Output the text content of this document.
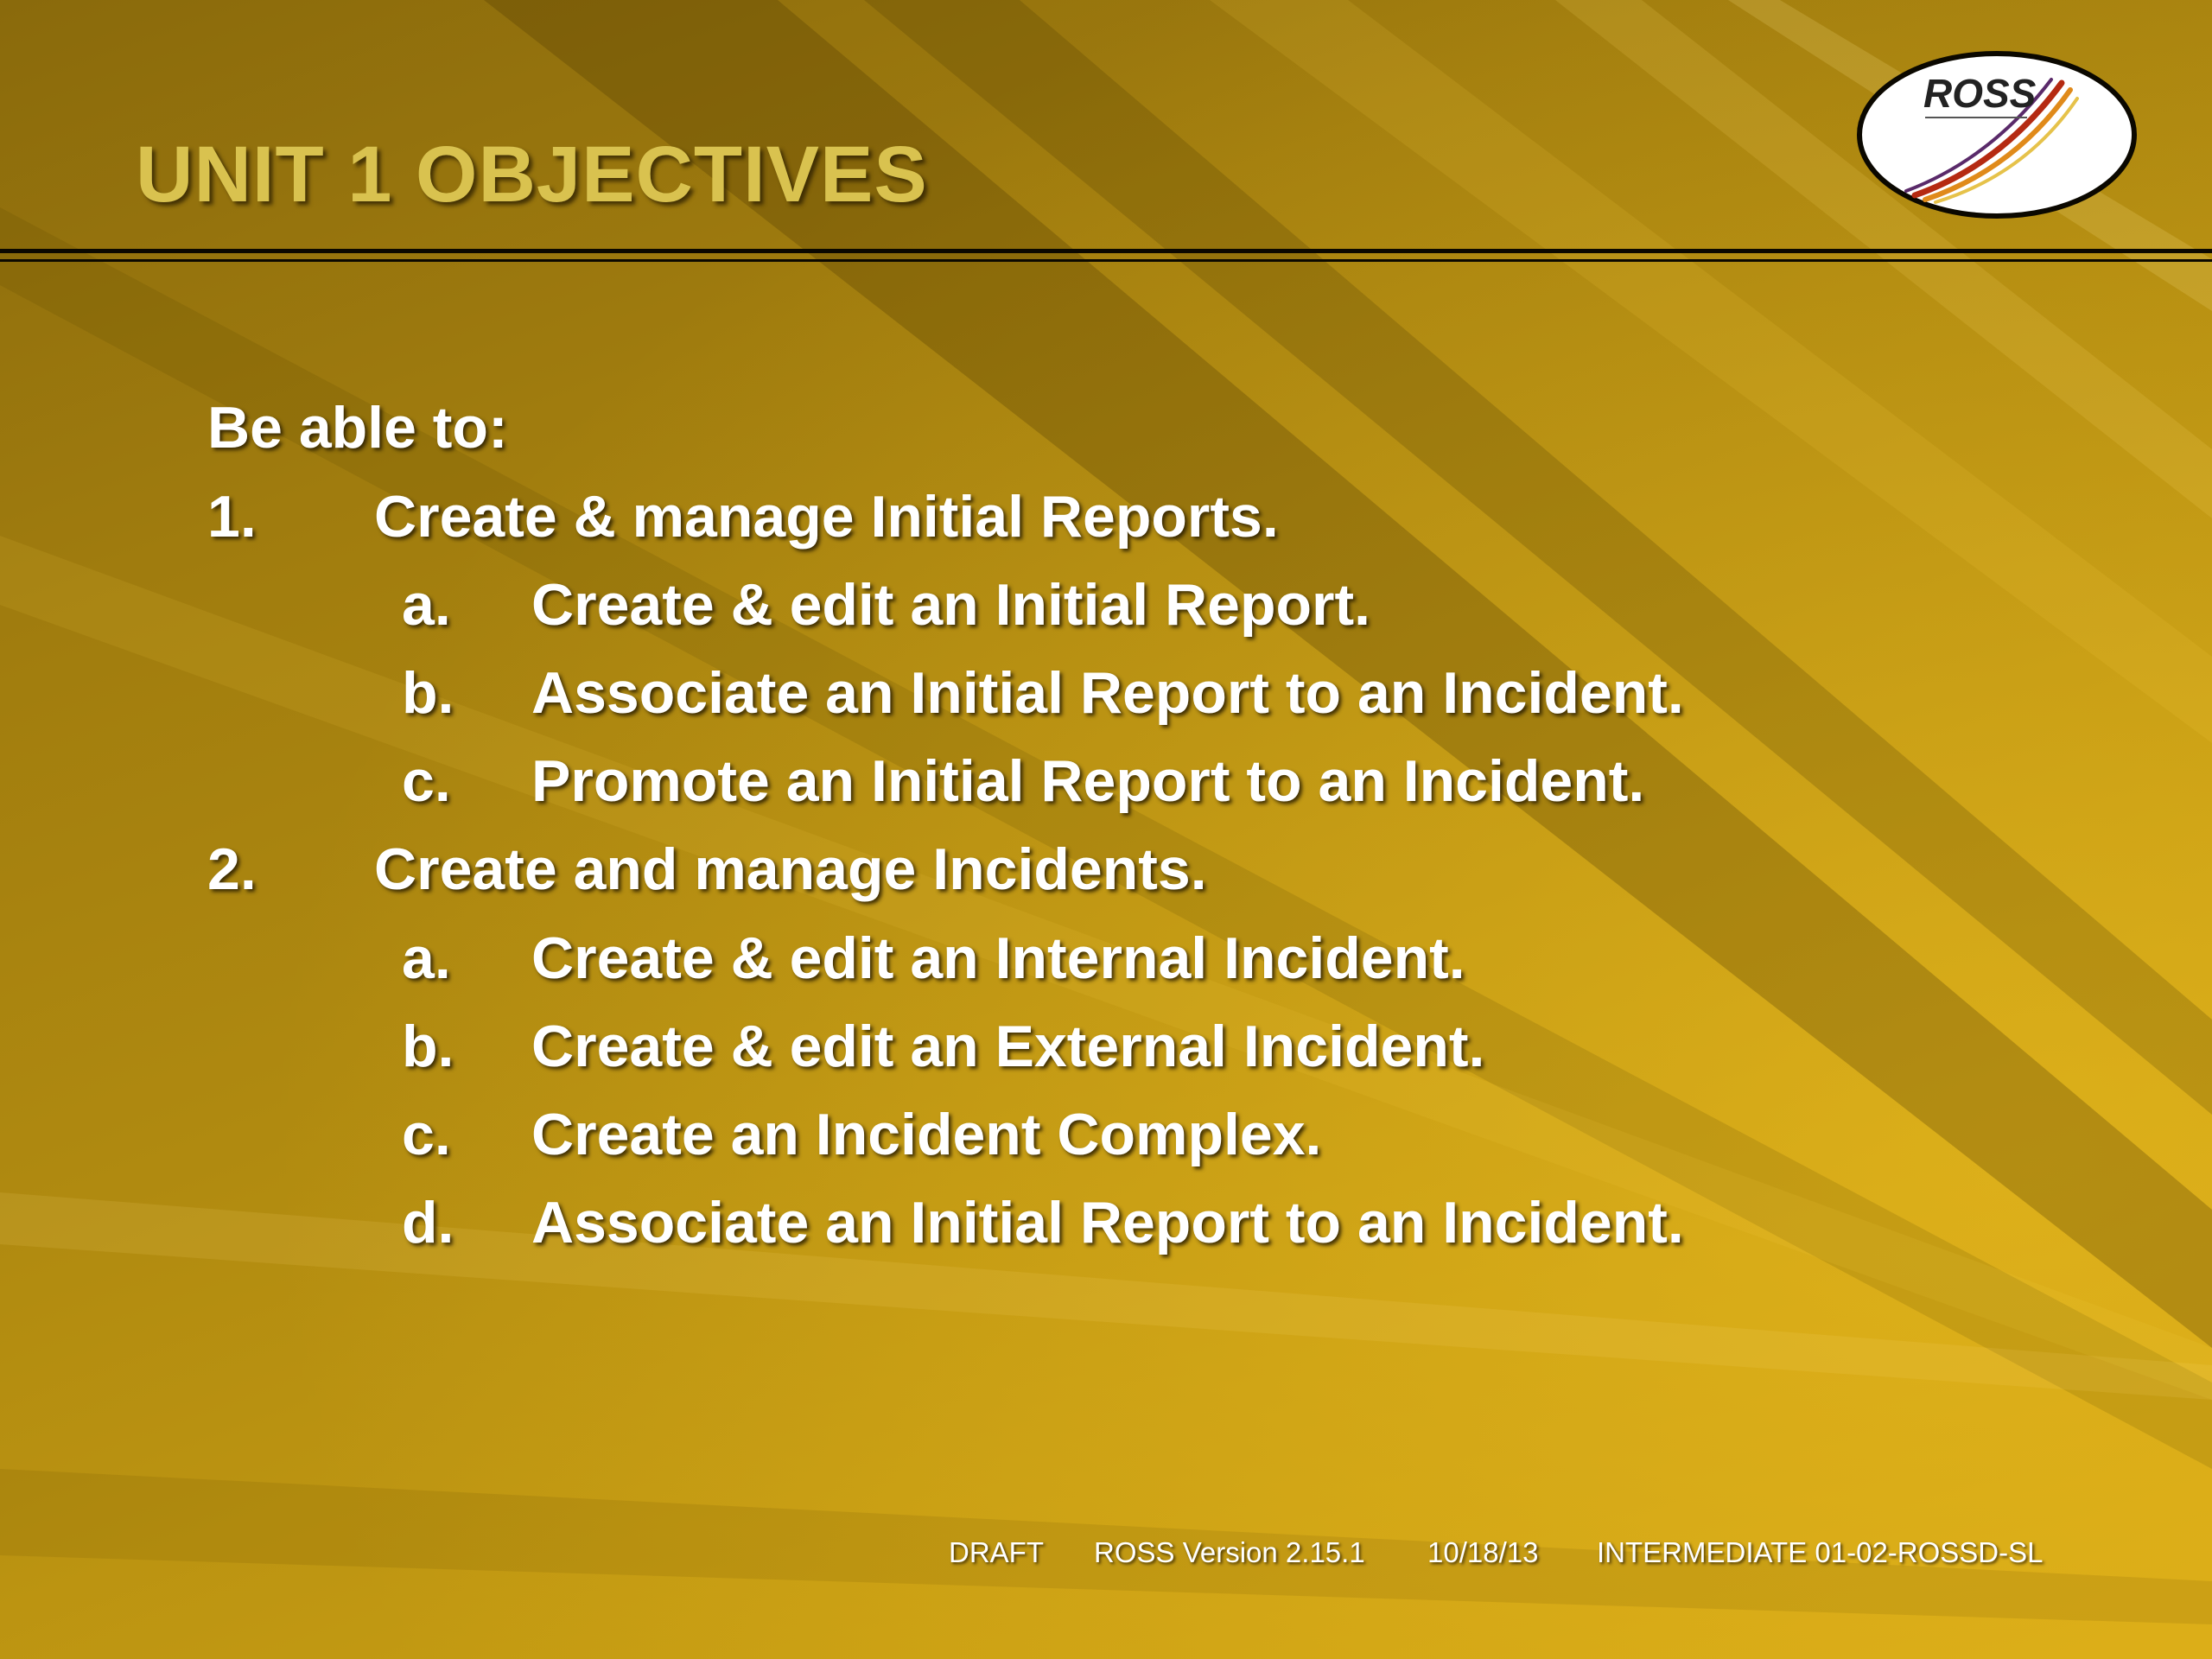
UNIT 1 OBJECTIVES
ROSS
Be able to:
1. Create & manage Initial Reports.
a. Create & edit an Initial Report.
b. Associate an Initial Report to an Incident.
c. Promote an Initial Report to an Incident.
2. Create and manage Incidents.
a. Create & edit an Internal Incident.
b. Create & edit an External Incident.
c. Create an Incident Complex.
d. Associate an Initial Report to an Incident.
DRAFT ROSS Version 2.15.1 10/18/13 INTERMEDIATE 01-02-ROSSD-SL
